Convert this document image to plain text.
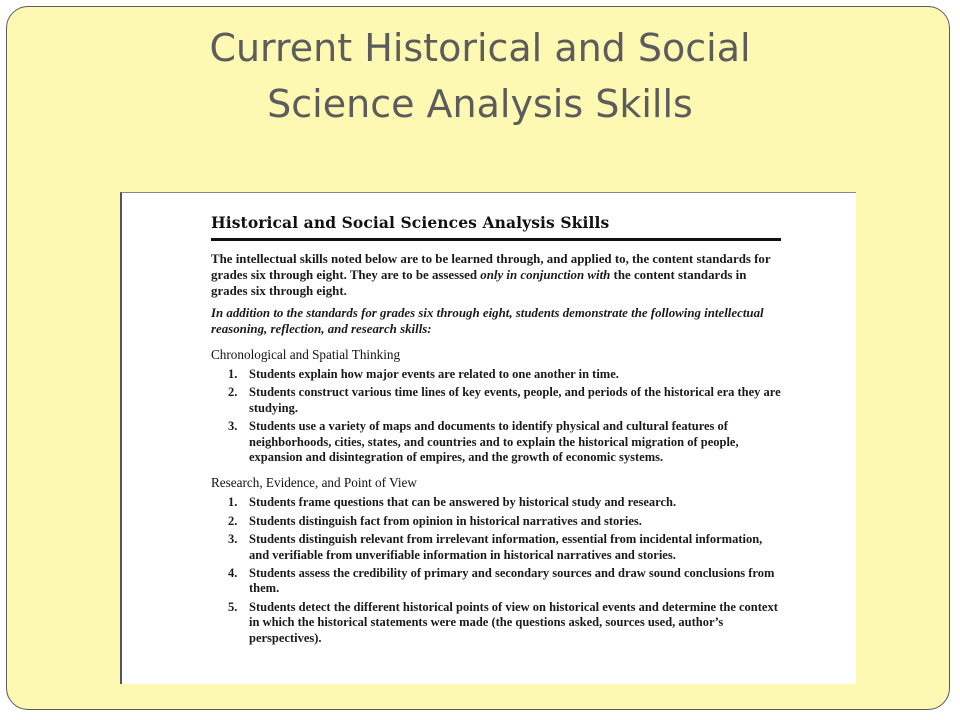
Current Historical and Social
Science Analysis Skills
Historical and Social Sciences Analysis Skills

The intellectual skills noted below are to be learned through, and applied to, the content standards for grades six through eight. They are to be assessed only in conjunction with the content standards in grades six through eight.

In addition to the standards for grades six through eight, students demonstrate the following intellectual reasoning, reflection, and research skills:

Chronological and Spatial Thinking
1. Students explain how major events are related to one another in time.
2. Students construct various time lines of key events, people, and periods of the historical era they are studying.
3. Students use a variety of maps and documents to identify physical and cultural features of neighborhoods, cities, states, and countries and to explain the historical migration of people, expansion and disintegration of empires, and the growth of economic systems.
Research, Evidence, and Point of View
1. Students frame questions that can be answered by historical study and research.
2. Students distinguish fact from opinion in historical narratives and stories.
3. Students distinguish relevant from irrelevant information, essential from incidental information, and verifiable from unverifiable information in historical narratives and stories.
4. Students assess the credibility of primary and secondary sources and draw sound conclusions from them.
5. Students detect the different historical points of view on historical events and determine the context in which the historical statements were made (the questions asked, sources used, author’s perspectives).
